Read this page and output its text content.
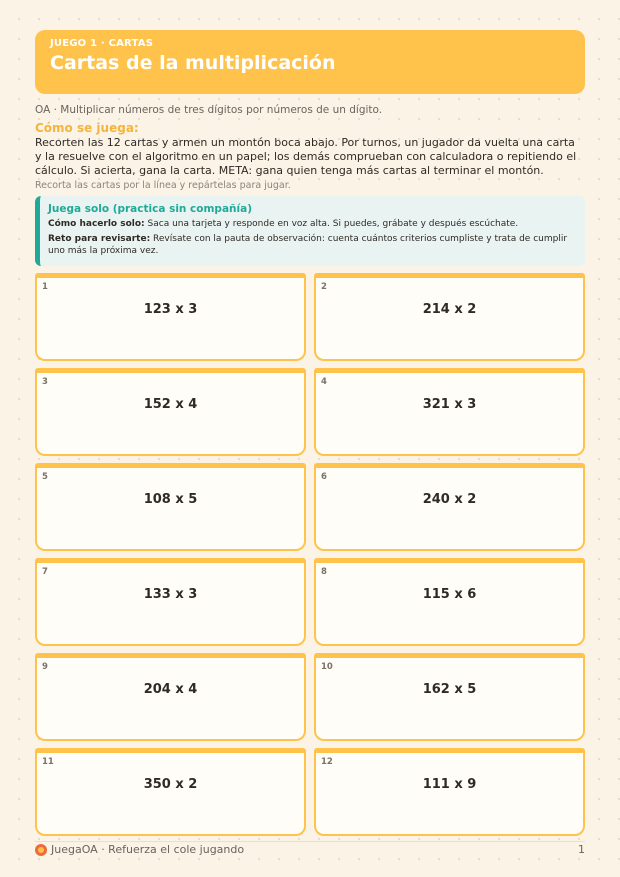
JUEGO 1 · CARTAS
Cartas de la multiplicación
OA · Multiplicar números de tres dígitos por números de un dígito.
Cómo se juega:
Recorten las 12 cartas y armen un montón boca abajo. Por turnos, un jugador da vuelta una carta y la resuelve con el algoritmo en un papel; los demás comprueban con calculadora o repitiendo el cálculo. Si acierta, gana la carta. META: gana quien tenga más cartas al terminar el montón.
Recorta las cartas por la línea y repártelas para jugar.
Juega solo (practica sin compañía)
Cómo hacerlo solo: Saca una tarjeta y responde en voz alta. Si puedes, grábate y después escúchate.
Reto para revisarte: Revísate con la pauta de observación: cuenta cuántos criterios cumpliste y trata de cumplir uno más la próxima vez.
1
123 x 3
2
214 x 2
3
152 x 4
4
321 x 3
5
108 x 5
6
240 x 2
7
133 x 3
8
115 x 6
9
204 x 4
10
162 x 5
11
350 x 2
12
111 x 9
JuegaOA · Refuerza el cole jugando	1
